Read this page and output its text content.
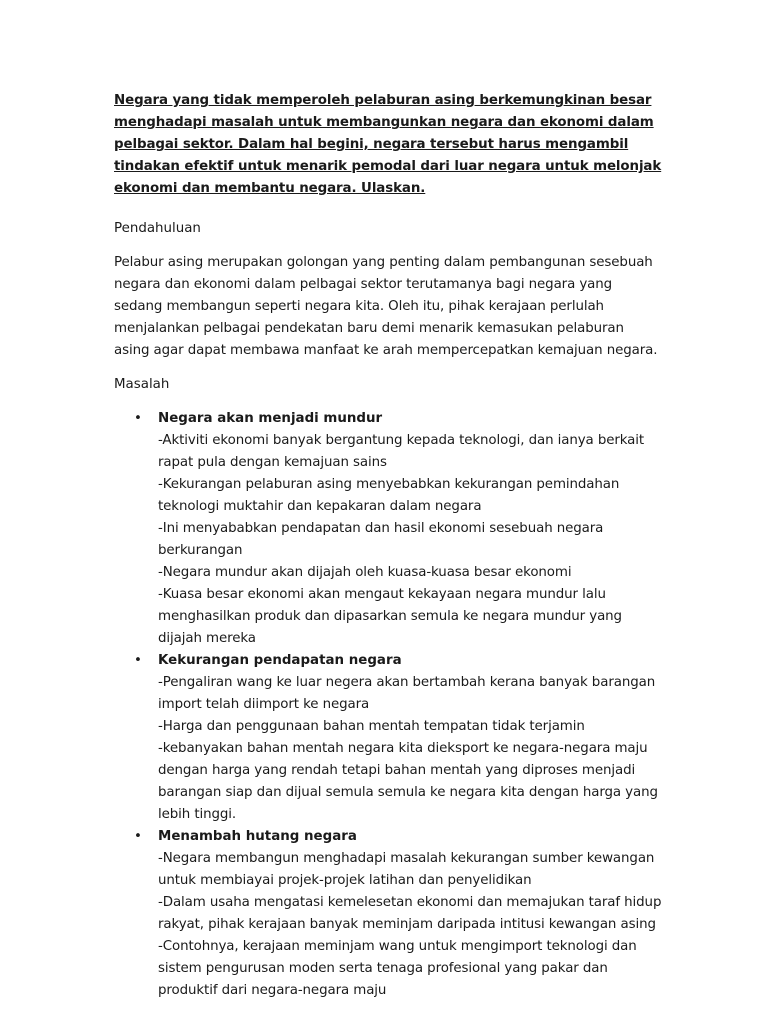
Negara yang tidak memperoleh pelaburan asing berkemungkinan besar menghadapi masalah untuk membangunkan negara dan ekonomi dalam pelbagai sektor. Dalam hal begini, negara tersebut harus mengambil tindakan efektif untuk menarik pemodal dari luar negara untuk melonjak ekonomi dan membantu negara. Ulaskan.

Pendahuluan

Pelabur asing merupakan golongan yang penting dalam pembangunan sesebuah negara dan ekonomi dalam pelbagai sektor terutamanya bagi negara yang sedang membangun seperti negara kita. Oleh itu, pihak kerajaan perlulah menjalankan pelbagai pendekatan baru demi menarik kemasukan pelaburan asing agar dapat membawa manfaat ke arah mempercepatkan kemajuan negara.

Masalah

• Negara akan menjadi mundur
-Aktiviti ekonomi banyak bergantung kepada teknologi, dan ianya berkait rapat pula dengan kemajuan sains
-Kekurangan pelaburan asing menyebabkan kekurangan pemindahan teknologi muktahir dan kepakaran dalam negara
-Ini menyababkan pendapatan dan hasil ekonomi sesebuah negara berkurangan
-Negara mundur akan dijajah oleh kuasa-kuasa besar ekonomi
-Kuasa besar ekonomi akan mengaut kekayaan negara mundur lalu menghasilkan produk dan dipasarkan semula ke negara mundur yang dijajah mereka
• Kekurangan pendapatan negara
-Pengaliran wang ke luar negera akan bertambah kerana banyak barangan import telah diimport ke negara
-Harga dan penggunaan bahan mentah tempatan tidak terjamin
-kebanyakan bahan mentah negara kita dieksport ke negara-negara maju dengan harga yang rendah tetapi bahan mentah yang diproses menjadi barangan siap dan dijual semula semula ke negara kita dengan harga yang lebih tinggi.
• Menambah hutang negara
-Negara membangun menghadapi masalah kekurangan sumber kewangan untuk membiayai projek-projek latihan dan penyelidikan
-Dalam usaha mengatasi kemelesetan ekonomi dan memajukan taraf hidup rakyat, pihak kerajaan banyak meminjam daripada intitusi kewangan asing
-Contohnya, kerajaan meminjam wang untuk mengimport teknologi dan sistem pengurusan moden serta tenaga profesional yang pakar dan produktif dari negara-negara maju
